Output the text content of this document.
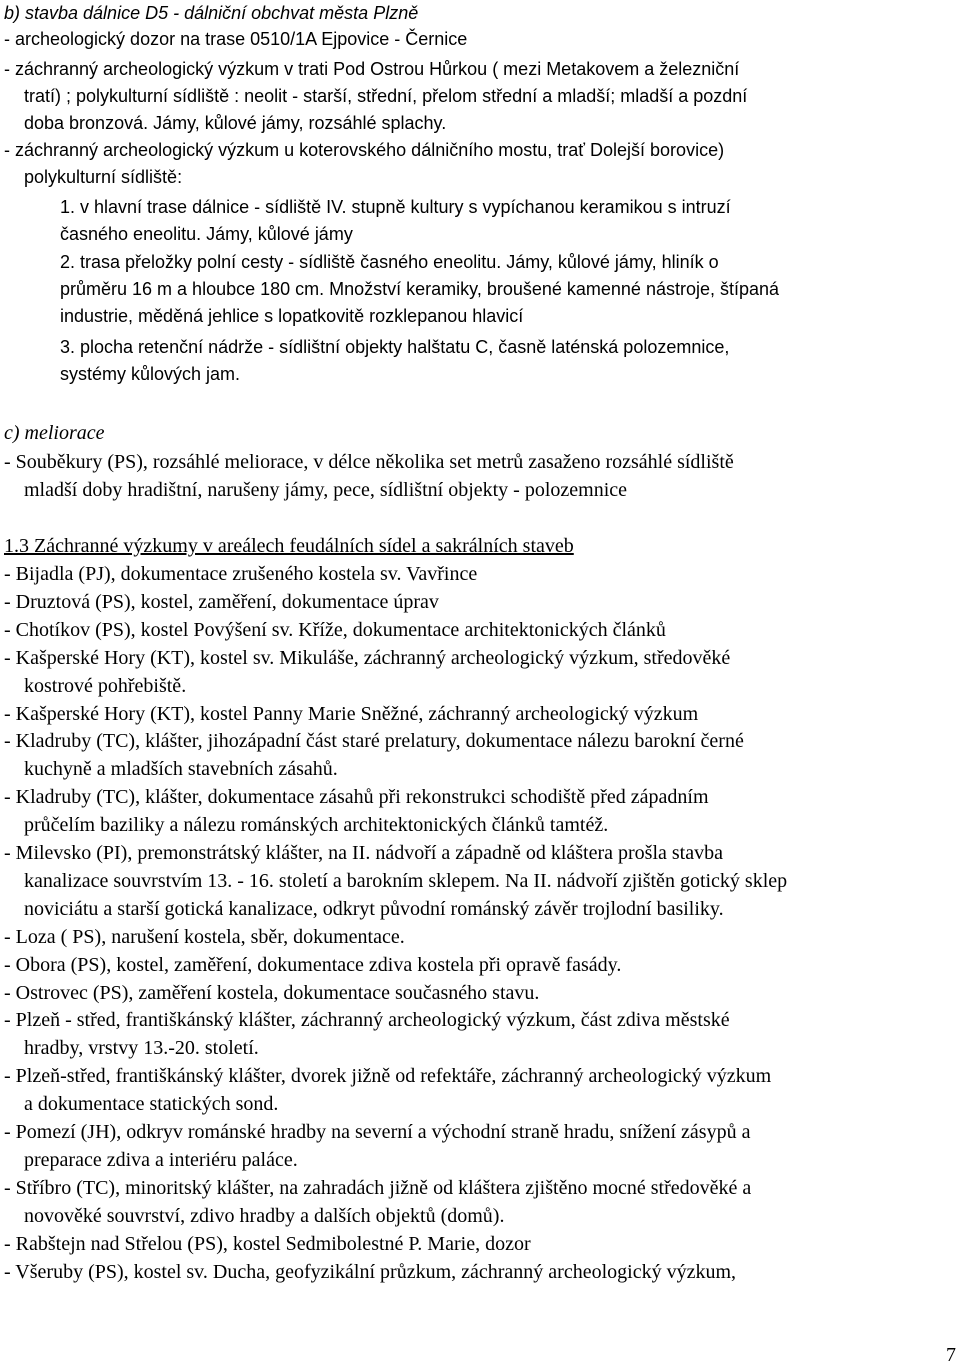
b) stavba dálnice D5 - dálniční obchvat města Plzně

- archeologický dozor na trase 0510/1A Ejpovice - Černice

- záchranný archeologický výzkum v trati Pod Ostrou Hůrkou ( mezi Metakovem a železniční

tratí) ; polykulturní sídliště : neolit - starší, střední, přelom střední a mladší; mladší a pozdní

doba bronzová. Jámy, kůlové jámy, rozsáhlé splachy.

- záchranný archeologický výzkum u koterovského dálničního mostu, trať Dolejší borovice)

polykulturní sídliště:

1. v hlavní trase dálnice - sídliště IV. stupně kultury s vypíchanou keramikou s intruzí

časného eneolitu. Jámy, kůlové jámy

2. trasa přeložky polní cesty - sídliště časného eneolitu. Jámy, kůlové jámy, hliník o

průměru 16 m a hloubce 180 cm. Množství keramiky, broušené kamenné nástroje, štípaná

industrie, měděná jehlice s lopatkovitě rozklepanou hlavicí

3. plocha retenční nádrže - sídlištní objekty halštatu C, časně laténská polozemnice,

systémy kůlových jam.

c) meliorace

- Souběkury (PS), rozsáhlé meliorace, v délce několika set metrů zasaženo rozsáhlé sídliště

mladší doby hradištní, narušeny jámy, pece, sídlištní objekty - polozemnice

1.3 Záchranné výzkumy v areálech feudálních sídel a sakrálních staveb

- Bijadla (PJ), dokumentace zrušeného kostela sv. Vavřince

- Druztová (PS), kostel, zaměření, dokumentace úprav

- Chotíkov (PS), kostel Povýšení sv. Kříže, dokumentace architektonických článků

- Kašperské Hory (KT), kostel sv. Mikuláše, záchranný archeologický výzkum, středověké

kostrové pohřebiště.

- Kašperské Hory (KT), kostel Panny Marie Sněžné, záchranný archeologický výzkum

- Kladruby (TC), klášter, jihozápadní část staré prelatury, dokumentace nálezu barokní černé

kuchyně a mladších stavebních zásahů.

- Kladruby (TC), klášter, dokumentace zásahů při rekonstrukci schodiště před západním

průčelím baziliky a nálezu románských architektonických článků tamtéž.

- Milevsko (PI), premonstrátský klášter, na II. nádvoří a západně od kláštera prošla stavba

kanalizace souvrstvím 13. - 16. století a barokním sklepem. Na II. nádvoří zjištěn gotický sklep

noviciátu a starší gotická kanalizace, odkryt původní románský závěr trojlodní basiliky.

- Loza ( PS), narušení kostela, sběr, dokumentace.

- Obora (PS), kostel, zaměření, dokumentace zdiva kostela při opravě fasády.

- Ostrovec (PS), zaměření kostela, dokumentace současného stavu.

- Plzeň - střed, františkánský klášter, záchranný archeologický výzkum, část zdiva městské

hradby, vrstvy 13.-20. století.

- Plzeň-střed, františkánský klášter, dvorek jižně od refektáře, záchranný archeologický výzkum

a dokumentace statických sond.

- Pomezí (JH), odkryv románské hradby na severní a východní straně hradu, snížení zásypů a

preparace zdiva a interiéru paláce.

- Stříbro (TC), minoritský klášter, na zahradách jižně od kláštera zjištěno mocné středověké a

novověké souvrství, zdivo hradby a dalších objektů (domů).

- Rabštejn nad Střelou (PS), kostel Sedmibolestné P. Marie, dozor

- Všeruby (PS), kostel sv. Ducha, geofyzikální průzkum, záchranný archeologický výzkum,

7
